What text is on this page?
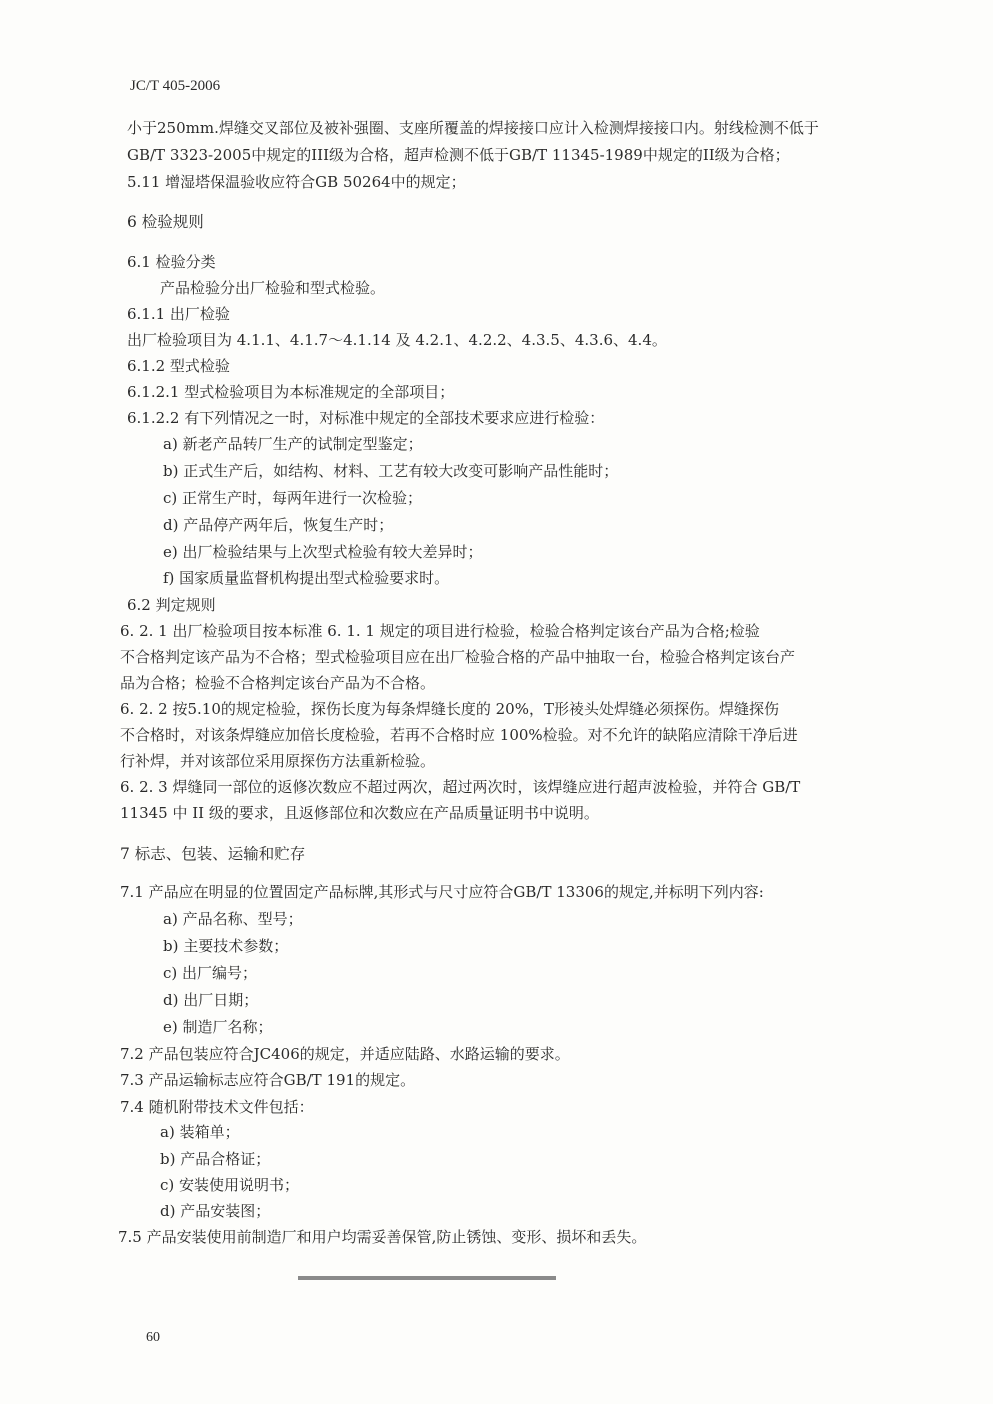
JC/T 405-2006
小于250mm.焊缝交叉部位及被补强圈、支座所覆盖的焊接接口应计入检测焊接接口内。射线检测不低于
GB/T 3323-2005中规定的III级为合格，超声检测不低于GB/T 11345-1989中规定的II级为合格；
5.11 增湿塔保温验收应符合GB 50264中的规定；
6 检验规则
6.1 检验分类
产品检验分出厂检验和型式检验。
6.1.1 出厂检验
出厂检验项目为 4.1.1、4.1.7～4.1.14 及 4.2.1、4.2.2、4.3.5、4.3.6、4.4。
6.1.2 型式检验
6.1.2.1 型式检验项目为本标准规定的全部项目；
6.1.2.2 有下列情况之一时，对标准中规定的全部技术要求应进行检验：
a) 新老产品转厂生产的试制定型鉴定；
b) 正式生产后，如结构、材料、工艺有较大改变可影响产品性能时；
c) 正常生产时，每两年进行一次检验；
d) 产品停产两年后，恢复生产时；
e) 出厂检验结果与上次型式检验有较大差异时；
f) 国家质量监督机构提出型式检验要求时。
6.2 判定规则
6. 2. 1 出厂检验项目按本标准 6. 1. 1 规定的项目进行检验，检验合格判定该台产品为合格;检验
不合格判定该产品为不合格；型式检验项目应在出厂检验合格的产品中抽取一台，检验合格判定该台产
品为合格；检验不合格判定该台产品为不合格。
6. 2. 2 按5.10的规定检验，探伤长度为每条焊缝长度的 20%，T形祾头处焊缝必须探伤。焊缝探伤
不合格时，对该条焊缝应加倍长度检验，若再不合格时应 100%检验。对不允许的缺陷应清除干净后进
行补焊，并对该部位采用原探伤方法重新检验。
6. 2. 3 焊缝同一部位的返修次数应不超过两次，超过两次时，该焊缝应进行超声波检验，并符合 GB/T
11345 中 II 级的要求，且返修部位和次数应在产品质量证明书中说明。
7 标志、包装、运输和贮存
7.1 产品应在明显的位置固定产品标牌,其形式与尺寸应符合GB/T 13306的规定,并标明下列内容:
a) 产品名称、型号；
b) 主要技术参数；
c) 出厂编号；
d) 出厂日期；
e) 制造厂名称；
7.2 产品包装应符合JC406的规定，并适应陆路、水路运输的要求。
7.3 产品运输标志应符合GB/T 191的规定。
7.4 随机附带技术文件包括：
a) 装箱单；
b) 产品合格证；
c) 安装使用说明书；
d) 产品安装图；
7.5 产品安装使用前制造厂和用户均需妥善保管,防止锈蚀、变形、损坏和丢失。
60
